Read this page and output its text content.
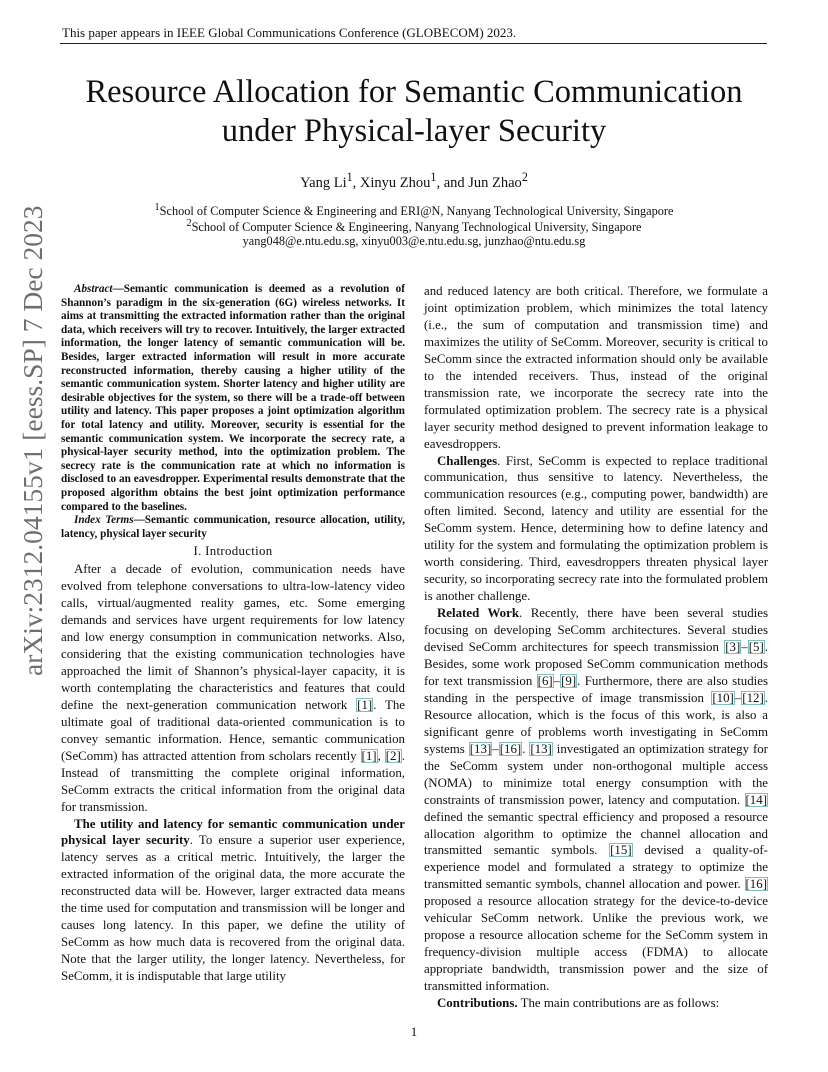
This paper appears in IEEE Global Communications Conference (GLOBECOM) 2023.
Resource Allocation for Semantic Communication
under Physical-layer Security
Yang Li$^1$, Xinyu Zhou$^1$, and Jun Zhao$^2$
$^1$School of Computer Science & Engineering and ERI@N, Nanyang Technological University, Singapore
$^2$School of Computer Science & Engineering, Nanyang Technological University, Singapore
yang048@e.ntu.edu.sg, xinyu003@e.ntu.edu.sg, junzhao@ntu.edu.sg
arXiv:2312.04155v1 [eess.SP] 7 Dec 2023	Abstract—Semantic communication is deemed as a revolution of Shannon’s paradigm in the six-generation (6G) wireless networks. It aims at transmitting the extracted information rather than the original data, which receivers will try to recover. Intuitively, the larger extracted information, the longer latency of semantic communication will be. Besides, larger extracted information will result in more accurate reconstructed information, thereby causing a higher utility of the semantic communication system. Shorter latency and higher utility are desirable objectives for the system, so there will be a trade-off between utility and latency. This paper proposes a joint optimization algorithm for total latency and utility. Moreover, security is essential for the semantic communication system. We incorporate the secrecy rate, a physical-layer security method, into the optimization problem. The secrecy rate is the communication rate at which no information is disclosed to an eavesdropper. Experimental results demonstrate that the proposed algorithm obtains the best joint optimization performance compared to the baselines.

Index Terms—Semantic communication, resource allocation, utility, latency, physical layer security

I. Introduction

After a decade of evolution, communication needs have evolved from telephone conversations to ultra-low-latency video calls, virtual/augmented reality games, etc. Some emerging demands and services have urgent requirements for low latency and low energy consumption in communication networks. Also, considering that the existing communication technologies have approached the limit of Shannon’s physical-layer capacity, it is worth contemplating the characteristics and features that could define the next-generation communication network [1]. The ultimate goal of traditional data-oriented communication is to convey semantic information. Hence, semantic communication (SeComm) has attracted attention from scholars recently [1], [2]. Instead of transmitting the complete original information, SeComm extracts the critical information from the original data for transmission.

The utility and latency for semantic communication under physical layer security. To ensure a superior user experience, latency serves as a critical metric. Intuitively, the larger the extracted information of the original data, the more accurate the reconstructed data will be. However, larger extracted data means the time used for computation and transmission will be longer and causes long latency. In this paper, we define the utility of SeComm as how much data is recovered from the original data. Note that the larger utility, the longer latency. Nevertheless, for SeComm, it is indisputable that large utility

and reduced latency are both critical. Therefore, we formulate a joint optimization problem, which minimizes the total latency (i.e., the sum of computation and transmission time) and maximizes the utility of SeComm. Moreover, security is critical to SeComm since the extracted information should only be available to the intended receivers. Thus, instead of the original transmission rate, we incorporate the secrecy rate into the formulated optimization problem. The secrecy rate is a physical layer security method designed to prevent information leakage to eavesdroppers.

Challenges. First, SeComm is expected to replace traditional communication, thus sensitive to latency. Nevertheless, the communication resources (e.g., computing power, bandwidth) are often limited. Second, latency and utility are essential for the SeComm system. Hence, determining how to define latency and utility for the system and formulating the optimization problem is worth considering. Third, eavesdroppers threaten physical layer security, so incorporating secrecy rate into the formulated problem is another challenge.

Related Work. Recently, there have been several studies focusing on developing SeComm architectures. Several studies devised SeComm architectures for speech transmission [3]–[5]. Besides, some work proposed SeComm communication methods for text transmission [6]–[9]. Furthermore, there are also studies standing in the perspective of image transmission [10]–[12]. Resource allocation, which is the focus of this work, is also a significant genre of problems worth investigating in SeComm systems [13]–[16]. [13] investigated an optimization strategy for the SeComm system under non-orthogonal multiple access (NOMA) to minimize total energy consumption with the constraints of transmission power, latency and computation. [14] defined the semantic spectral efficiency and proposed a resource allocation algorithm to optimize the channel allocation and transmitted semantic symbols. [15] devised a quality-of-experience model and formulated a strategy to optimize the transmitted semantic symbols, channel allocation and power. [16] proposed a resource allocation strategy for the device-to-device vehicular SeComm network. Unlike the previous work, we propose a resource allocation scheme for the SeComm system in frequency-division multiple access (FDMA) to allocate appropriate bandwidth, transmission power and the size of transmitted information.

Contributions. The main contributions are as follows:

1
